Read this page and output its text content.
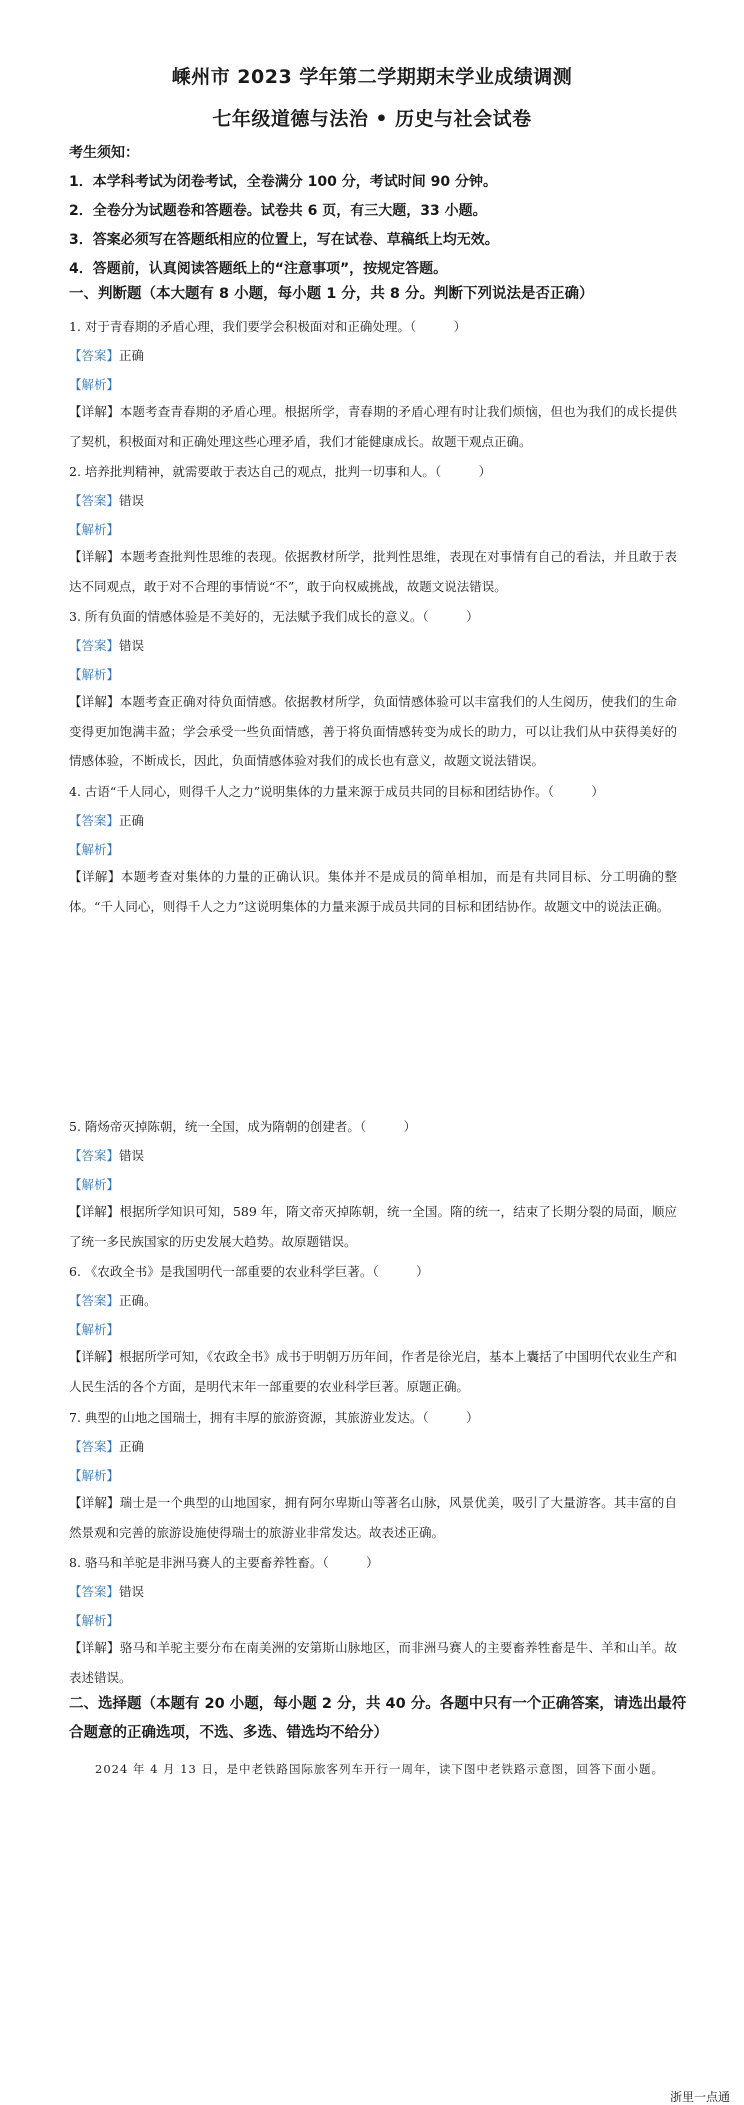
嵊州市 2023 学年第二学期期末学业成绩调测
七年级道德与法治 • 历史与社会试卷
考生须知：
1．本学科考试为闭卷考试，全卷满分 100 分，考试时间 90 分钟。
2．全卷分为试题卷和答题卷。试卷共 6 页，有三大题，33 小题。
3．答案必须写在答题纸相应的位置上，写在试卷、草稿纸上均无效。
4．答题前，认真阅读答题纸上的“注意事项”，按规定答题。
一、判断题（本大题有 8 小题，每小题 1 分，共 8 分。判断下列说法是否正确）
1. 对于青春期的矛盾心理，我们要学会积极面对和正确处理。（　　　）
【答案】正确
【解析】
【详解】本题考查青春期的矛盾心理。根据所学，青春期的矛盾心理有时让我们烦恼，但也为我们的成长提供了契机，积极面对和正确处理这些心理矛盾，我们才能健康成长。故题干观点正确。
2. 培养批判精神，就需要敢于表达自己的观点，批判一切事和人。（　　　）
【答案】错误
【解析】
【详解】本题考查批判性思维的表现。依据教材所学，批判性思维，表现在对事情有自己的看法，并且敢于表达不同观点，敢于对不合理的事情说“不”，敢于向权威挑战，故题文说法错误。
3. 所有负面的情感体验是不美好的，无法赋予我们成长的意义。（　　　）
【答案】错误
【解析】
【详解】本题考查正确对待负面情感。依据教材所学，负面情感体验可以丰富我们的人生阅历，使我们的生命变得更加饱满丰盈；学会承受一些负面情感，善于将负面情感转变为成长的助力，可以让我们从中获得美好的情感体验，不断成长，因此，负面情感体验对我们的成长也有意义，故题文说法错误。
4. 古语“千人同心，则得千人之力”说明集体的力量来源于成员共同的目标和团结协作。（　　　）
【答案】正确
【解析】
【详解】本题考查对集体的力量的正确认识。集体并不是成员的简单相加，而是有共同目标、分工明确的整体。“千人同心，则得千人之力”这说明集体的力量来源于成员共同的目标和团结协作。故题文中的说法正确。
5. 隋炀帝灭掉陈朝，统一全国，成为隋朝的创建者。（　　　）
【答案】错误
【解析】
【详解】根据所学知识可知，589 年，隋文帝灭掉陈朝，统一全国。隋的统一，结束了长期分裂的局面，顺应了统一多民族国家的历史发展大趋势。故原题错误。
6. 《农政全书》是我国明代一部重要的农业科学巨著。（　　　）
【答案】正确。
【解析】
【详解】根据所学可知，《农政全书》成书于明朝万历年间，作者是徐光启，基本上囊括了中国明代农业生产和人民生活的各个方面，是明代末年一部重要的农业科学巨著。原题正确。
7. 典型的山地之国瑞士，拥有丰厚的旅游资源，其旅游业发达。（　　　）
【答案】正确
【解析】
【详解】瑞士是一个典型的山地国家，拥有阿尔卑斯山等著名山脉，风景优美，吸引了大量游客。其丰富的自然景观和完善的旅游设施使得瑞士的旅游业非常发达。故表述正确。
8. 骆马和羊驼是非洲马赛人的主要畜养牲畜。（　　　）
【答案】错误
【解析】
【详解】骆马和羊驼主要分布在南美洲的安第斯山脉地区，而非洲马赛人的主要畜养牲畜是牛、羊和山羊。故表述错误。
二、选择题（本题有 20 小题，每小题 2 分，共 40 分。各题中只有一个正确答案，请选出最符合题意的正确选项，不选、多选、错选均不给分）
2024 年 4 月 13 日，是中老铁路国际旅客列车开行一周年，读下图中老铁路示意图，回答下面小题。
浙里一点通
